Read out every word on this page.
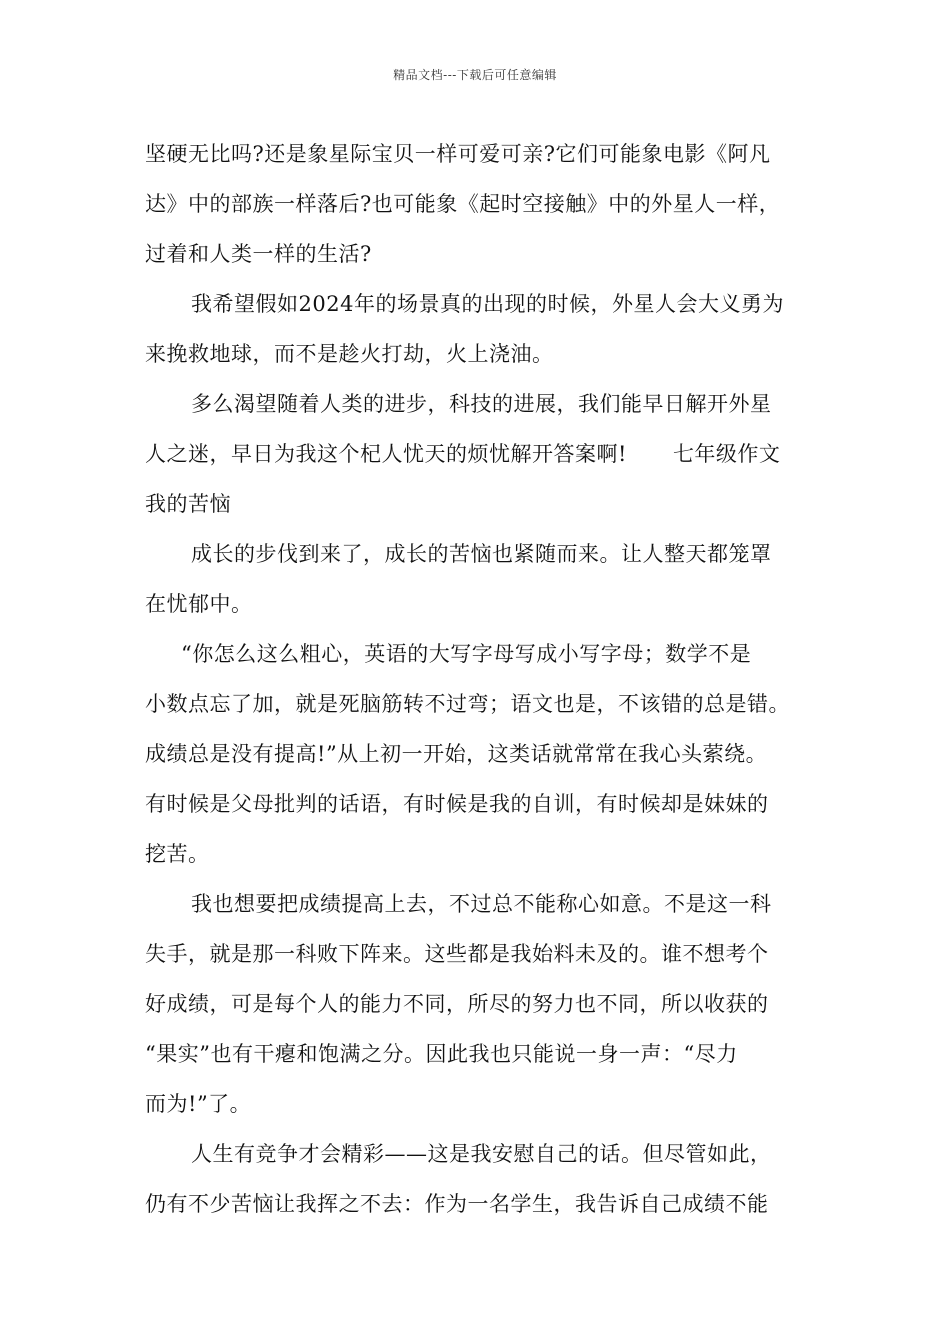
精品文档---下载后可任意编辑
坚硬无比吗?还是象星际宝贝一样可爱可亲?它们可能象电影《阿凡
达》中的部族一样落后?也可能象《起时空接触》中的外星人一样，
过着和人类一样的生活?
我希望假如2024年的场景真的出现的时候，外星人会大义勇为
来挽救地球，而不是趁火打劫，火上浇油。
多么渴望随着人类的进步，科技的进展，我们能早日解开外星
人之迷，早日为我这个杞人忧天的烦忧解开答案啊! 七年级作文
我的苦恼
成长的步伐到来了，成长的苦恼也紧随而来。让人整天都笼罩
在忧郁中。
“你怎么这么粗心，英语的大写字母写成小写字母；数学不是
小数点忘了加，就是死脑筋转不过弯；语文也是，不该错的总是错。
成绩总是没有提高!”从上初一开始，这类话就常常在我心头萦绕。
有时候是父母批判的话语，有时候是我的自训，有时候却是妹妹的
挖苦。
我也想要把成绩提高上去，不过总不能称心如意。不是这一科
失手，就是那一科败下阵来。这些都是我始料未及的。谁不想考个
好成绩，可是每个人的能力不同，所尽的努力也不同，所以收获的
“果实”也有干瘪和饱满之分。因此我也只能说一身一声：“尽力
而为!”了。
人生有竞争才会精彩——这是我安慰自己的话。但尽管如此，
仍有不少苦恼让我挥之不去：作为一名学生，我告诉自己成绩不能
